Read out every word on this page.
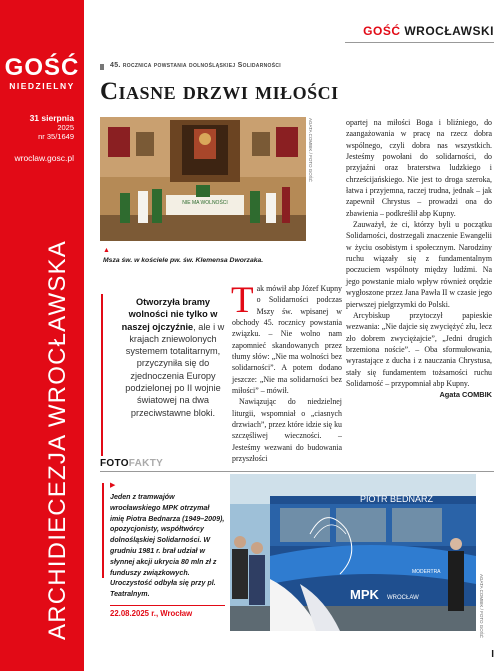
GOŚĆ
NIEDZIELNY
31 sierpnia
2025
nr 35/1649
wroclaw.gosc.pl
ARCHIDIECEZJA WROCŁAWSKA
GOŚĆ WROCŁAWSKI
45. rocznica powstania dolnośląskiej Solidarności
Ciasne drzwi miłości
NIE MA WOLNOŚCI
AGATA COMBIK / FOTO GOŚĆ
▲
Msza św. w kościele pw. św. Klemensa Dworzaka.
Otworzyła bramy wolności nie tylko w naszej ojczyźnie, ale i w krajach zniewolonych systemem totalitarnym, przyczyniła się do zjednoczenia Europy podzielonej po II wojnie światowej na dwa przeciwstawne bloki.

Tak mówił abp Józef Kupny o Solidarności podczas Mszy św. wpisanej w obchody 45. rocznicy powstania związku. – Nie wolno nam zapomnieć skandowanych przez tłumy słów: „Nie ma wolności bez solidarności”. A potem dodano jeszcze: „Nie ma solidarności bez miłości” – mówił.

Nawiązując do niedzielnej liturgii, wspomniał o „ciasnych drzwiach”, przez które idzie się ku szczęśliwej wieczności. – Jesteśmy wezwani do budowania przyszłości

opartej na miłości Boga i bliźniego, do zaangażowania w pracę na rzecz dobra wspólnego, czyli dobra nas wszystkich. Jesteśmy powołani do solidarności, do przyjaźni oraz braterstwa ludzkiego i chrześcijańskiego. Nie jest to droga szeroka, łatwa i przyjemna, raczej trudna, jednak – jak zapewnił Chrystus – prowadzi ona do zbawienia – podkreślił abp Kupny.

Zauważył, że ci, którzy byli u początku Solidarności, dostrzegali znaczenie Ewangelii w życiu osobistym i społecznym. Narodziny ruchu wiązały się z fundamentalnym poczuciem wspólnoty między ludźmi. Na jego powstanie miało wpływ również orędzie wygłoszone przez Jana Pawła II w czasie jego pierwszej pielgrzymki do Polski.

Arcybiskup przytoczył papieskie wezwania: „Nie dajcie się zwyciężyć złu, lecz zło dobrem zwyciężajcie”, „Jedni drugich brzemiona noście”. – Oba sformułowania, wyrastające z ducha i z nauczania Chrystusa, stały się fundamentem tożsamości ruchu Solidarność – przypomniał abp Kupny.
Agata COMBIK

FOTOFAKTY
▶
Jeden z tramwajów wrocławskiego MPK otrzymał imię Piotra Bednarza (1949–2009), opozycjonisty, współtwórcy dolnośląskiej Solidarności. W grudniu 1981 r. brał udział w słynnej akcji ukrycia 80 mln zł z funduszy związkowych. Uroczystość odbyła się przy pl. Teatralnym.
22.08.2025 r., Wrocław
PIOTR BEDNARZ
MPK WROCŁAW
MODERTRA
AGATA COMBIK / FOTO GOŚĆ
I
